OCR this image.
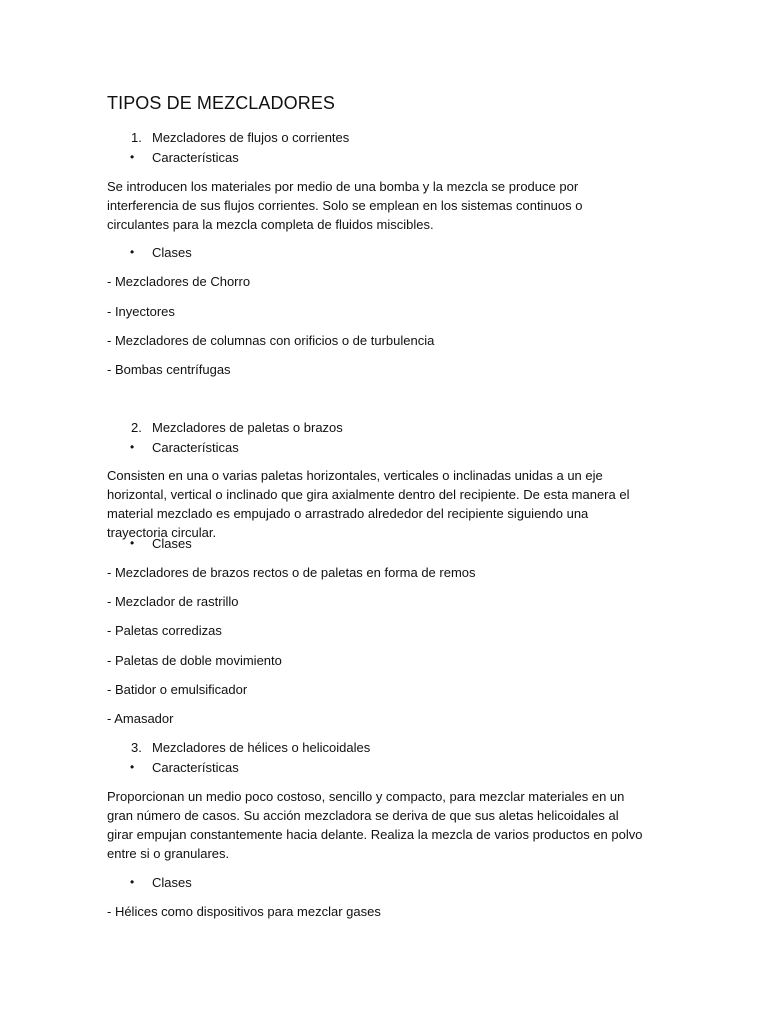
TIPOS DE MEZCLADORES
1. Mezcladores de flujos o corrientes
• Características
Se introducen los materiales por medio de una bomba y la mezcla se produce por interferencia de sus flujos corrientes. Solo se emplean en los sistemas continuos o circulantes para la mezcla completa de fluidos miscibles.
• Clases
- Mezcladores de Chorro
- Inyectores
- Mezcladores de columnas con orificios o de turbulencia
- Bombas centrífugas
2. Mezcladores de paletas o brazos
• Características
Consisten en una o varias paletas horizontales, verticales o inclinadas unidas a un eje horizontal, vertical o inclinado que gira axialmente dentro del recipiente. De esta manera el material mezclado es empujado o arrastrado alrededor del recipiente siguiendo una trayectoria circular.
• Clases
- Mezcladores de brazos rectos o de paletas en forma de remos
- Mezclador de rastrillo
- Paletas corredizas
- Paletas de doble movimiento
- Batidor o emulsificador
- Amasador
3. Mezcladores de hélices o helicoidales
• Características
Proporcionan un medio poco costoso, sencillo y compacto, para mezclar materiales en un gran número de casos. Su acción mezcladora se deriva de que sus aletas helicoidales al girar empujan constantemente hacia delante. Realiza la mezcla de varios productos en polvo entre si o granulares.
• Clases
- Hélices como dispositivos para mezclar gases
